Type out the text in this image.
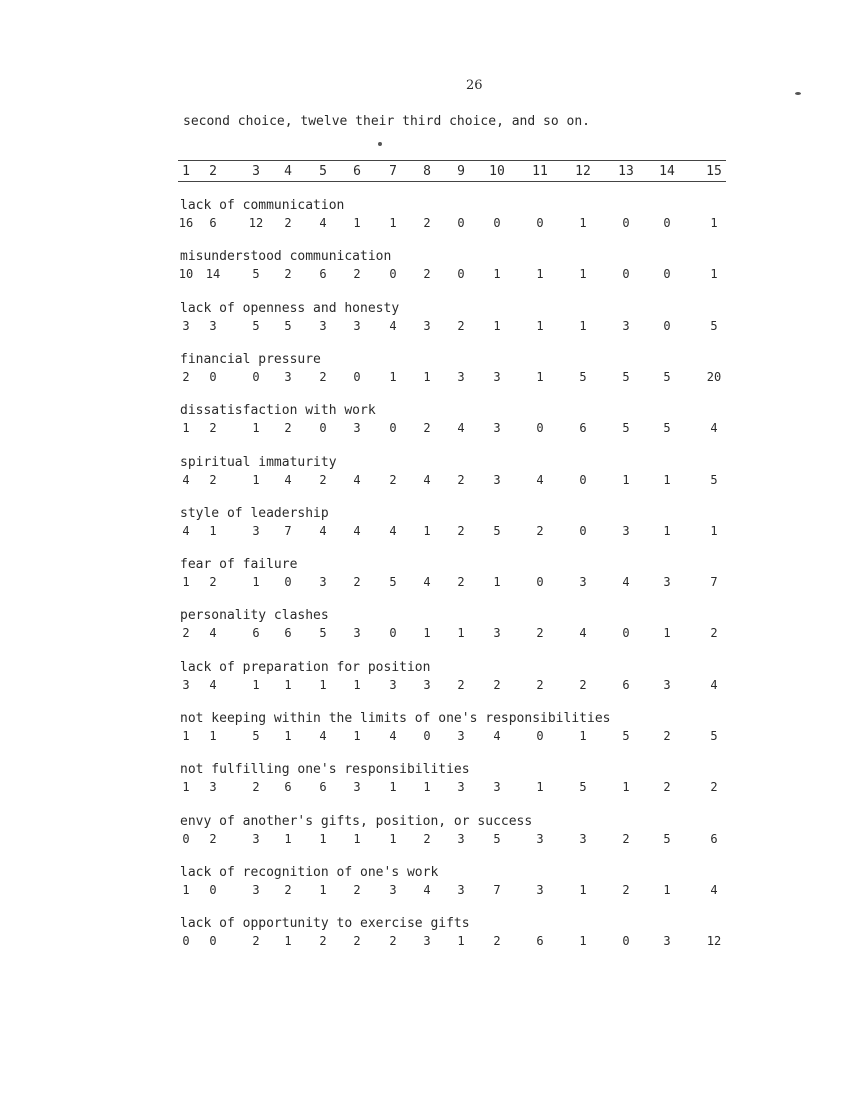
26
second choice, twelve their third choice, and so on.
1 2	3 4 5 6 7 8 9 10 11 12 13 14 15
lack of communication
16 6	12 2 4 1 1 2 0 0	0	1	0	0	1
misunderstood communication
10 14	5 2 6 2 0 2 0 1	1	1	0	0	1
lack of openness and honesty
3 3	5 5 3 3 4 3 2 1	1	1	3	0	5
financial pressure
2 0	0 3 2 0 1 1 3 3	1	5	5	5	20
dissatisfaction with work
1 2	1 2 0 3 0 2 4 3	0	6	5	5	4
spiritual immaturity
4 2	1 4 2 4 2 4 2 3	4	0	1	1	5
style of leadership
4 1	3 7 4 4 4 1 2 5	2	0	3	1	1
fear of failure
1 2	1 0 3 2 5 4 2 1	0	3	4	3	7
personality clashes
2 4	6 6 5 3 0 1 1 3	2	4	0	1	2
lack of preparation for position
3 4	1 1 1 1 3 3 2 2	2	2	6	3	4
not keeping within the limits of one's responsibilities
1 1	5 1 4 1 4 0 3 4	0	1	5	2	5
not fulfilling one's responsibilities
1 3	2 6 6 3 1 1 3 3	1	5	1	2	2
envy of another's gifts, position, or success
0 2	3 1 1 1 1 2 3 5	3	3	2	5	6
lack of recognition of one's work
1 0	3 2 1 2 3 4 3 7	3	1	2	1	4
lack of opportunity to exercise gifts
0 0	2 1 2 2 2 3 1 2	6	1	0	3	12
